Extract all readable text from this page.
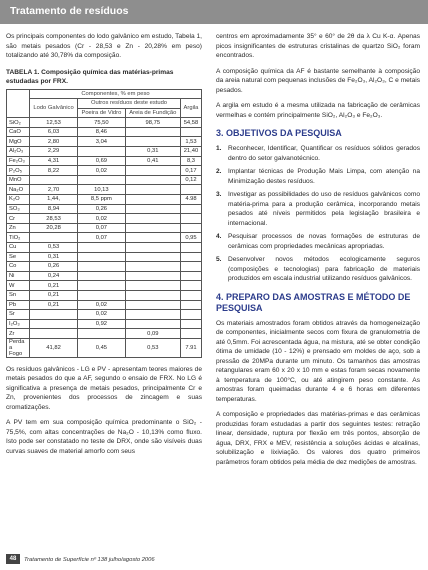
Tratamento de resíduos

Os principais componentes do lodo galvânico em estudo, Tabela 1, são metais pesados (Cr - 28,53 e Zn - 20,28% em peso) totalizando até 30,78% da composição.

TABELA 1. Composição química das matérias-primas estudadas por FRX.
	Componentes, % em peso			
	Lodo Galvânico	Outros resíduos deste estudo		Argila
		Poeira de Vidro	Areia de Fundição	
SiO₂	12,53	75,50	98,75	54,58
CaO	6,03	8,46		
MgO	2,80	3,04		1,53
Al₂O₃	2,29		0,31	21,40
Fe₂O₃	4,31	0,69	0,41	8,3
P₂O₅	8,22	0,02		0,17
MnO				0,12
Na₂O	2,70	10,13		
K₂O	1,44,	8,5 ppm		4.98
SO₃	8,94	0,26		
Cr	28,53	0,02		
Zn	20,28	0,07		
TiO₂		0,07		0,95
Cu	0,53			
Se	0,31			
Co	0,26			
Ni	0,24			
W	0,21			
Sn	0,21			
Pb	0,21	0,02		
Sr		0,02		
I₂O₃		0,92		
Zr			0,09	
Perda a Fogo	41,82	0,45	0,53	7.91

Os resíduos galvânicos - LG e PV - apresentam teores maiores de metais pesados do que a AF, segundo o ensaio de FRX. No LG é significativa a presença de metais pesados, principalmente Cr e Zn, provenientes dos processos de zincagem e suas cromatizações.

A PV tem em sua composição química predominante o SiO₂ - 75,5%, com altas concentrações de Na₂O - 10,13% como fluxo. Isto pode ser constatado no teste de DRX, onde são visíveis duas curvas suaves de material amorfo com seus

centros em aproximadamente 35° e 60° de 2θ da λ Cu K-α. Apenas picos insignificantes de estruturas cristalinas de quartzo SiO₂ foram encontrados.

A composição química da AF é bastante semelhante à composição da areia natural com pequenas inclusões de Fe₂O₃, Al₂O₃, C e metais pesados.

A argila em estudo é a mesma utilizada na fabricação de cerâmicas vermelhas e contém principalmente SiO₂, Al₂O₃ e Fe₂O₃.

3. OBJETIVOS DA PESQUISA
1. Reconhecer, Identificar, Quantificar os resíduos sólidos gerados dentro do setor galvanotécnico.
2. Implantar técnicas de Produção Mais Limpa, com atenção na Minimização destes resíduos.
3. Investigar as possibilidades do uso de resíduos galvânicos como matéria-prima para a produção cerâmica, incorporando metais pesados até níveis permitidos pela legislação brasileira e internacional.
4. Pesquisar processos de novas formações de estruturas de cerâmicas com propriedades mecânicas apropriadas.
5. Desenvolver novos métodos ecologicamente seguros (composições e tecnologias) para fabricação de materiais produzidos em escala industrial utilizando resíduos galvânicos.
4. PREPARO DAS AMOSTRAS E MÉTODO DE PESQUISA

Os materiais amostrados foram obtidos através da homogeneização de componentes, inicialmente secos com fixura de granulometria de até 0,5mm. Foi acrescentada água, na mistura, até se obter condição ótima de umidade (10 - 12%) e prensado em moldes de aço, sob a pressão de 20MPa durante um minuto. Os tamanhos das amostras retangulares eram 60 x 20 x 10 mm e estas foram secas novamente à temperatura de 100°C, ou até atingirem peso constante. As amostras foram queimadas durante 4 e 6 horas em diferentes temperaturas.

A composição e propriedades das matérias-primas e das cerâmicas produzidas foram estudadas a partir dos seguintes testes: retração linear, densidade, ruptura por flexão em três pontos, absorção de água, DRX, FRX e MEV, resistência a soluções ácidas e alcalinas, solubilização e lixiviação. Os valores dos quatro primeiros parâmetros foram obtidos pela média de dez medições de amostras.

48	Tratamento de Superfície nº 138 julho/agosto 2006
